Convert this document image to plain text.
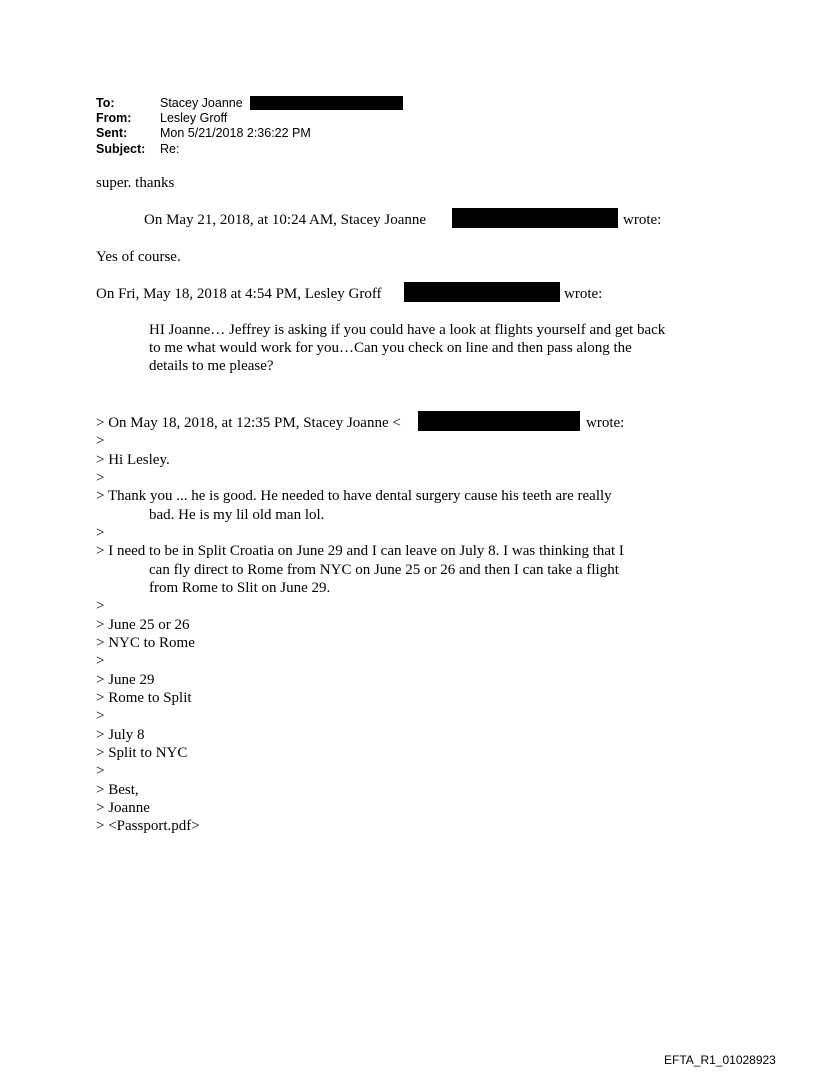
To:	Stacey Joanne
From: Lesley Groff
Sent:	Mon 5/21/2018 2:36:22 PM
Subject: Re:
super. thanks
On May 21, 2018, at 10:24 AM, Stacey Joanne	wrote:
Yes of course.
On Fri, May 18, 2018 at 4:54 PM, Lesley Groff	wrote:
HI Joanne… Jeffrey is asking if you could have a look at flights yourself and get back to me what would work for you…Can you check on line and then pass along the details to me please?
> On May 18, 2018, at 12:35 PM, Stacey Joanne <	wrote:
>
> Hi Lesley.
>
> Thank you ... he is good. He needed to have dental surgery cause his teeth are really
bad. He is my lil old man lol.
>
> I need to be in Split Croatia on June 29 and I can leave on July 8. I was thinking that I
can fly direct to Rome from NYC on June 25 or 26 and then I can take a flight
from Rome to Slit on June 29.
>
> June 25 or 26
> NYC to Rome
>
> June 29
> Rome to Split
>
> July 8
> Split to NYC
>
> Best,
> Joanne
> <Passport.pdf>
EFTA_R1_01028923
